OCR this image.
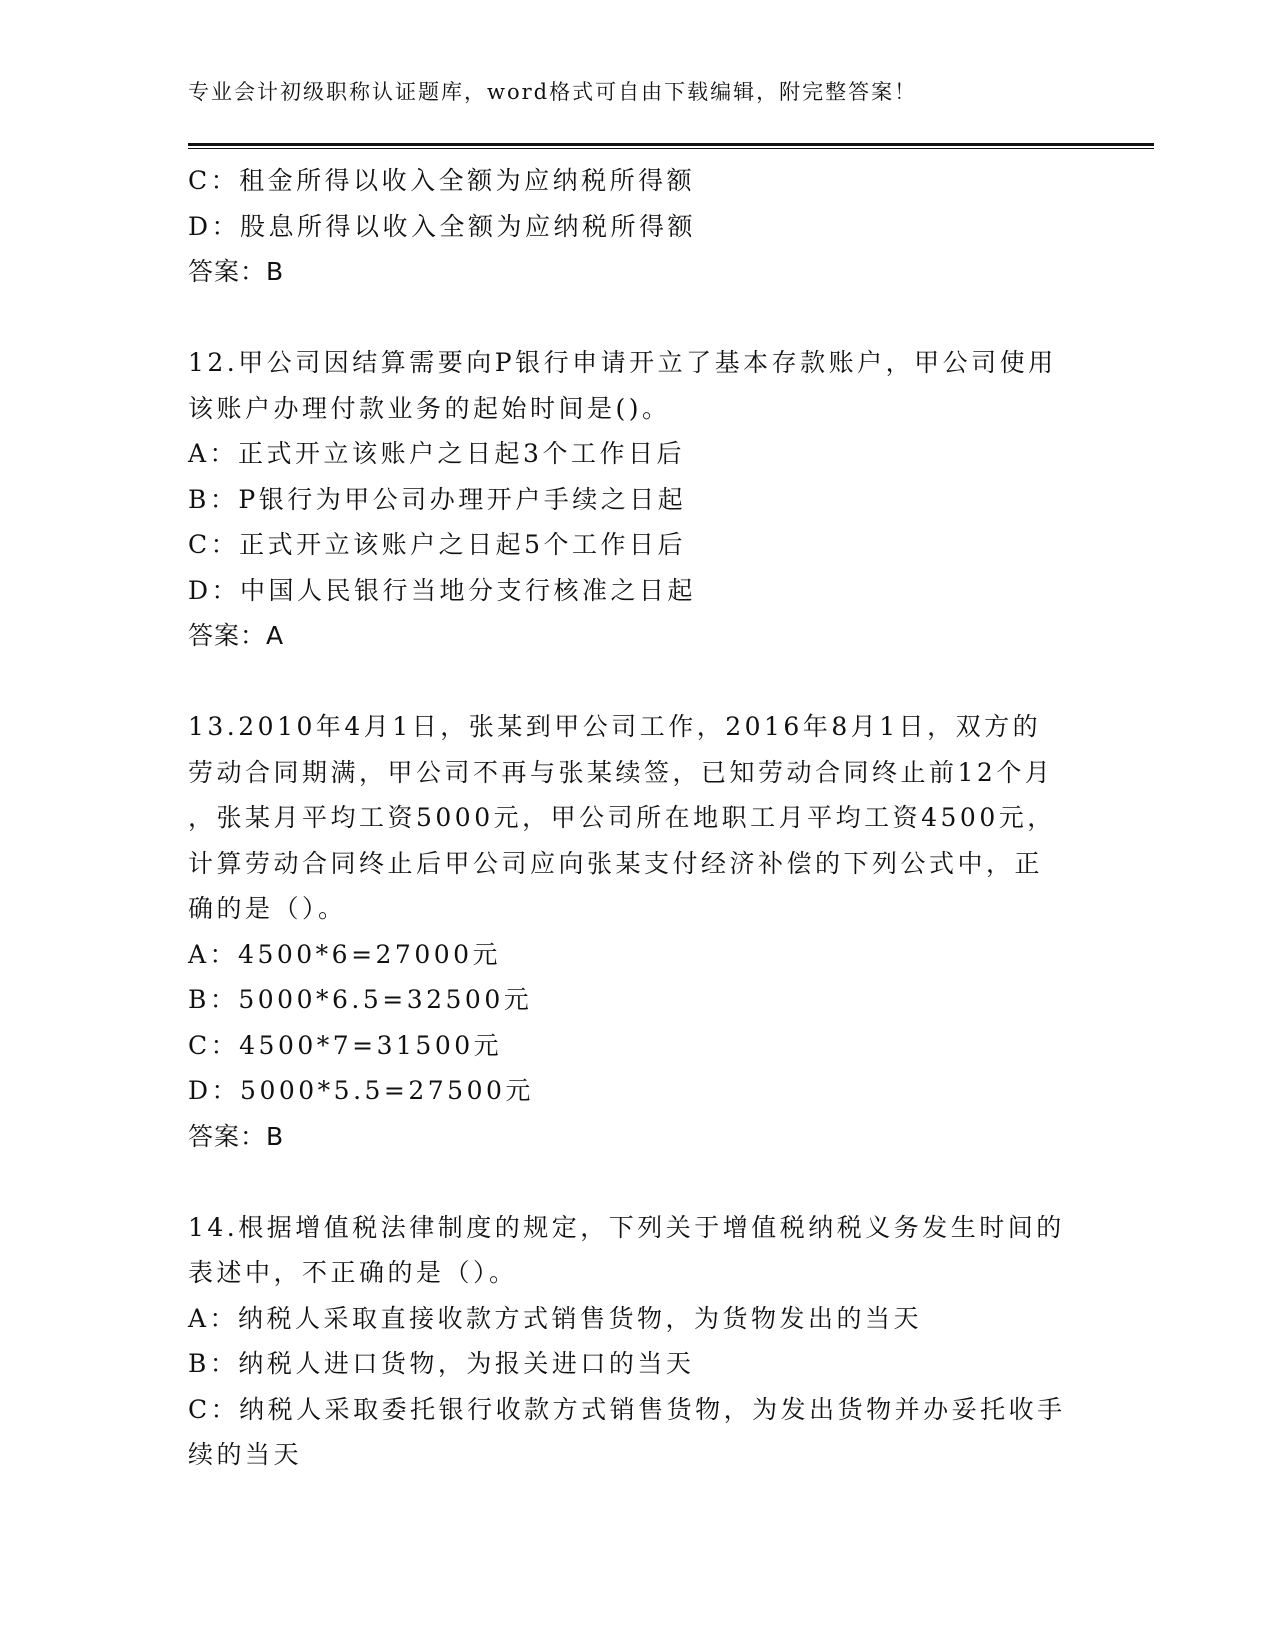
专业会计初级职称认证题库，word格式可自由下载编辑，附完整答案！
C：租金所得以收入全额为应纳税所得额
D：股息所得以收入全额为应纳税所得额
答案：B
12.甲公司因结算需要向P银行申请开立了基本存款账户，甲公司使用
该账户办理付款业务的起始时间是()。
A：正式开立该账户之日起3个工作日后
B：P银行为甲公司办理开户手续之日起
C：正式开立该账户之日起5个工作日后
D：中国人民银行当地分支行核准之日起
答案：A
13.2010年4月1日，张某到甲公司工作，2016年8月1日，双方的
劳动合同期满，甲公司不再与张某续签，已知劳动合同终止前12个月
，张某月平均工资5000元，甲公司所在地职工月平均工资4500元，
计算劳动合同终止后甲公司应向张某支付经济补偿的下列公式中，正
确的是（）。
A：4500*6=27000元
B：5000*6.5=32500元
C：4500*7=31500元
D：5000*5.5=27500元
答案：B
14.根据增值税法律制度的规定，下列关于增值税纳税义务发生时间的
表述中，不正确的是（）。
A：纳税人采取直接收款方式销售货物，为货物发出的当天
B：纳税人进口货物，为报关进口的当天
C：纳税人采取委托银行收款方式销售货物，为发出货物并办妥托收手
续的当天
